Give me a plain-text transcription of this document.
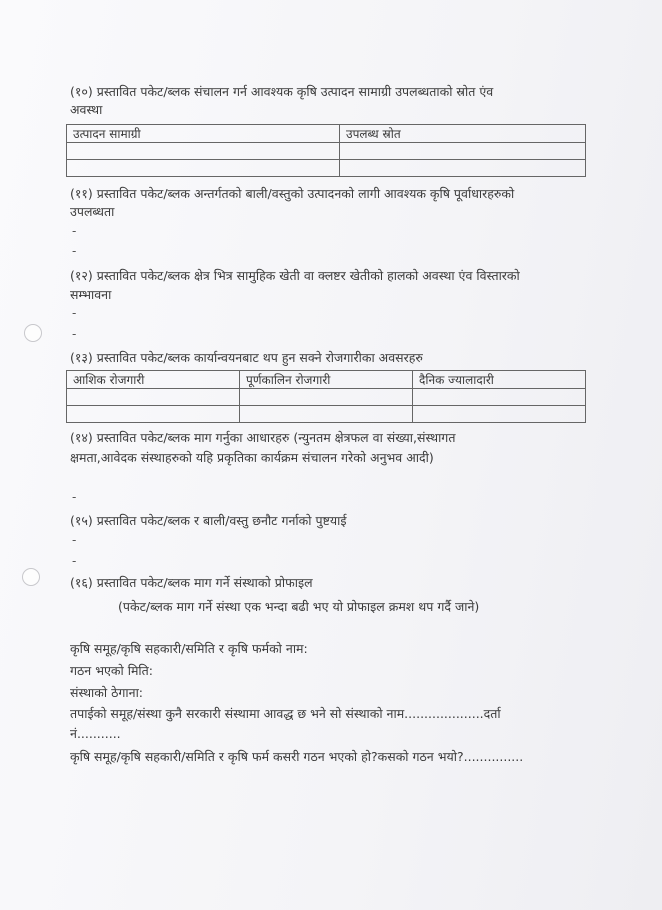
(१०) प्रस्तावित पकेट/ब्लक संचालन गर्न आवश्यक कृषि उत्पादन सामाग्री उपलब्धताको स्रोत एंव
अवस्था
उत्पादन सामाग्री	उपलब्ध स्रोत

(११) प्रस्तावित पकेट/ब्लक अन्तर्गतको बाली/वस्तुको उत्पादनको लागी आवश्यक कृषि पूर्वाधारहरुको
उपलब्धता
-
-
(१२) प्रस्तावित पकेट/ब्लक क्षेत्र भित्र सामुहिक खेती वा क्लष्टर खेतीको हालको अवस्था एंव विस्तारको
सम्भावना
-
-
(१३) प्रस्तावित पकेट/ब्लक कार्यान्वयनबाट थप हुन सक्ने रोजगारीका अवसरहरु
आशिक रोजगारी	पूर्णकालिन रोजगारी	दैनिक ज्यालादारी

(१४) प्रस्तावित पकेट/ब्लक माग गर्नुका आधारहरु (न्युनतम क्षेत्रफल वा संख्या,संस्थागत
क्षमता,आवेदक संस्थाहरुको यहि प्रकृतिका कार्यक्रम संचालन गरेको अनुभव आदी)
-
(१५) प्रस्तावित पकेट/ब्लक र बाली/वस्तु छनौट गर्नाको पुष्टयाई
-
-
(१६) प्रस्तावित पकेट/ब्लक माग गर्ने संस्थाको प्रोफाइल
(पकेट/ब्लक माग गर्ने संस्था एक भन्दा बढी भए यो प्रोफाइल क्रमश थप गर्दै जाने)
कृषि समूह/कृषि सहकारी/समिति र कृषि फर्मको नाम:
गठन भएको मिति:
संस्थाको ठेगाना:
तपाईको समूह/संस्था कुनै सरकारी संस्थामा आवद्ध छ भने सो संस्थाको नाम....................दर्ता
नं...........
कृषि समूह/कृषि सहकारी/समिति र कृषि फर्म कसरी गठन भएको हो?कसको गठन भयो?...............
